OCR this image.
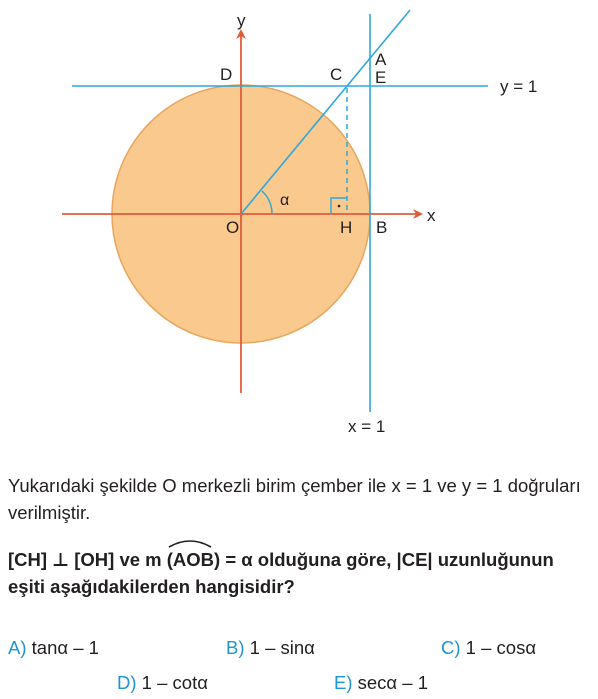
y
x
D	C
A
E
O	H B
α
y = 1
x = 1
Yukarıdaki şekilde O merkezli birim çember ile x = 1 ve y = 1 doğruları verilmiştir.
[CH] ⊥ [OH] ve m (AOB) = α olduğuna göre, |CE| uzunluğunun eşiti aşağıdakilerden hangisidir?
A) tanα – 1	B) 1 – sinα	C) 1 – cosα
D) 1 – cotα	E) secα – 1
